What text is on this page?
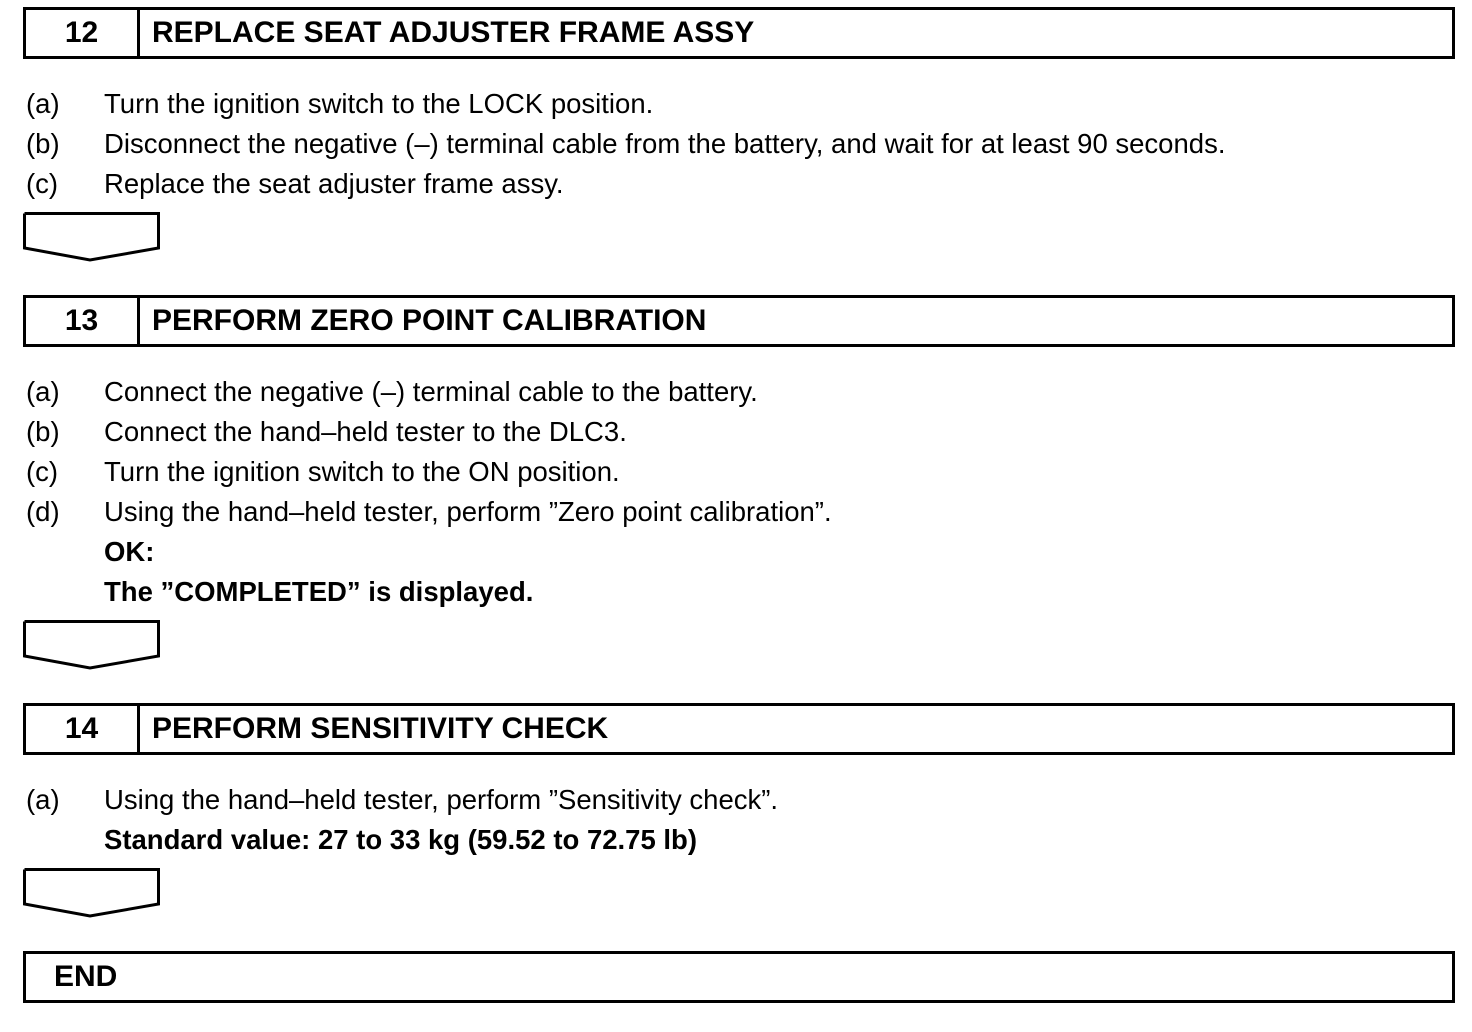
12	REPLACE SEAT ADJUSTER FRAME ASSY
(a)	Turn the ignition switch to the LOCK position.
(b)	Disconnect the negative (–) terminal cable from the battery, and wait for at least 90 seconds.
(c)	Replace the seat adjuster frame assy.
13	PERFORM ZERO POINT CALIBRATION
(a)	Connect the negative (–) terminal cable to the battery.
(b)	Connect the hand–held tester to the DLC3.
(c)	Turn the ignition switch to the ON position.
(d)	Using the hand–held tester, perform ”Zero point calibration”.
OK:
The ”COMPLETED” is displayed.
14	PERFORM SENSITIVITY CHECK
(a)	Using the hand–held tester, perform ”Sensitivity check”.
Standard value: 27 to 33 kg (59.52 to 72.75 lb)
END
